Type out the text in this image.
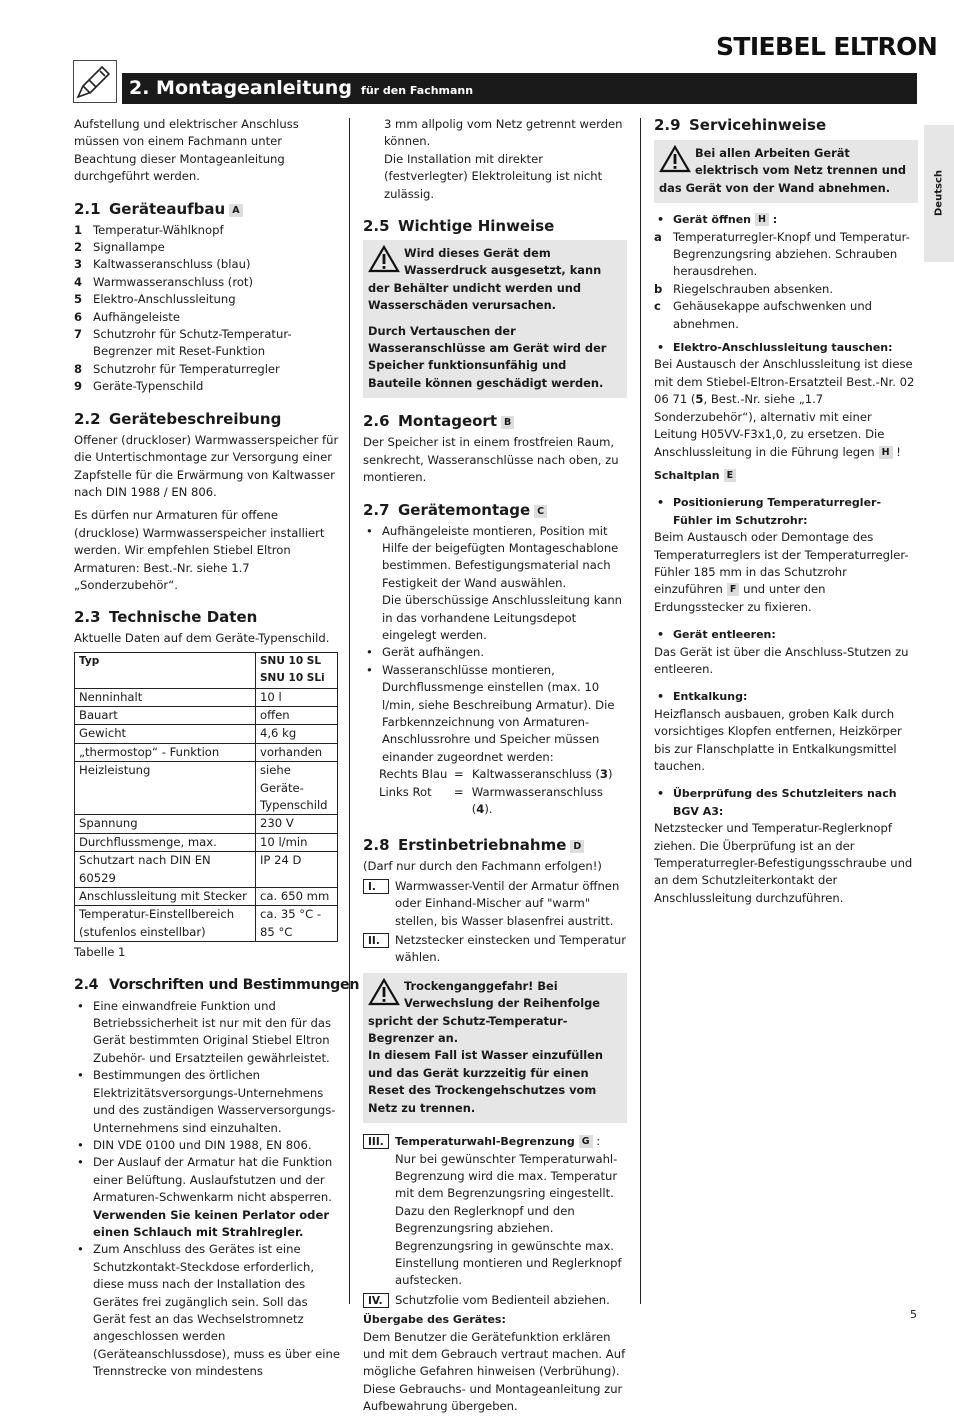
STIEBEL ELTRON
2. Montageanleitung für den Fachmann
Deutsch

Aufstellung und elektrischer Anschluss müssen von einem Fachmann unter Beachtung dieser Montageanleitung durchgeführt werden.

2.1 Geräteaufbau A
1 Temperatur-Wählknopf
2 Signallampe
3 Kaltwasseranschluss (blau)
4 Warmwasseranschluss (rot)
5 Elektro-Anschlussleitung
6 Aufhängeleiste
7 Schutzrohr für Schutz-Temperatur-Begrenzer mit Reset-Funktion
8 Schutzrohr für Temperaturregler
9 Geräte-Typenschild
2.2 Gerätebeschreibung

Offener (druckloser) Warmwasserspeicher für die Untertischmontage zur Versorgung einer Zapfstelle für die Erwärmung von Kaltwasser nach DIN 1988 / EN 806.

Es dürfen nur Armaturen für offene (drucklose) Warmwasserspeicher installiert werden. Wir empfehlen Stiebel Eltron Armaturen: Best.-Nr. siehe 1.7 „Sonderzubehör“.

2.3 Technische Daten

Aktuelle Daten auf dem Geräte-Typenschild.

Typ	SNU 10 SL
SNU 10 SLi

Nenninhalt	10 l
Bauart	offen
Gewicht	4,6 kg
„thermostop“ - Funktion	vorhanden
Heizleistung	siehe Geräte-Typenschild
Spannung	230 V
Durchflussmenge, max.	10 l/min
Schutzart nach DIN EN 60529	IP 24 D
Anschlussleitung mit Stecker	ca. 650 mm
Temperatur-Einstellbereich (stufenlos einstellbar)	ca. 35 °C - 85 °C

Tabelle 1

2.4 Vorschriften und Bestimmungen
• Eine einwandfreie Funktion und Betriebssicherheit ist nur mit den für das Gerät bestimmten Original Stiebel Eltron Zubehör- und Ersatzteilen gewährleistet.
• Bestimmungen des örtlichen Elektrizitätsversorgungs-Unternehmens und des zuständigen Wasserversorgungs-Unternehmens sind einzuhalten.
• DIN VDE 0100 und DIN 1988, EN 806.
• Der Auslauf der Armatur hat die Funktion einer Belüftung. Auslaufstutzen und der Armaturen-Schwenkarm nicht absperren. Verwenden Sie keinen Perlator oder einen Schlauch mit Strahlregler.
• Zum Anschluss des Gerätes ist eine Schutzkontakt-Steckdose erforderlich, diese muss nach der Installation des Gerätes frei zugänglich sein. Soll das Gerät fest an das Wechselstromnetz angeschlossen werden (Geräteanschlussdose), muss es über eine Trennstrecke von mindestens
3 mm allpolig vom Netz getrennt werden können.
Die Installation mit direkter (festverlegter) Elektroleitung ist nicht zulässig.
2.5 Wichtige Hinweise

Wird dieses Gerät dem Wasserdruck ausgesetzt, kann der Behälter undicht werden und Wasserschäden verursachen.

Durch Vertauschen der Wasseranschlüsse am Gerät wird der Speicher funktionsunfähig und Bauteile können geschädigt werden.

2.6 Montageort B

Der Speicher ist in einem frostfreien Raum, senkrecht, Wasseranschlüsse nach oben, zu montieren.

2.7 Gerätemontage C
• Aufhängeleiste montieren, Position mit Hilfe der beigefügten Montageschablone bestimmen. Befestigungsmaterial nach Festigkeit der Wand auswählen.
Die überschüssige Anschlussleitung kann in das vorhandene Leitungsdepot eingelegt werden.
• Gerät aufhängen.
• Wasseranschlüsse montieren, Durchflussmenge einstellen (max. 10 l/min, siehe Beschreibung Armatur). Die Farbkennzeichnung von Armaturen-Anschlussrohre und Speicher müssen einander zugeordnet werden:
Rechts Blau = Kaltwasseranschluss (3)
Links Rot	= Warmwasseranschluss (4).
2.8 Erstinbetriebnahme D
(Darf nur durch den Fachmann erfolgen!)
I.	Warmwasser-Ventil der Armatur öffnen oder Einhand-Mischer auf "warm" stellen, bis Wasser blasenfrei austritt.
II.	Netzstecker einstecken und Temperatur wählen.

Trockenganggefahr! Bei Verwechslung der Reihenfolge spricht der Schutz-Temperatur-Begrenzer an.

In diesem Fall ist Wasser einzufüllen und das Gerät kurzzeitig für einen Reset des Trockengehschutzes vom Netz zu trennen.

III.	Temperaturwahl-Begrenzung G :
Nur bei gewünschter Temperaturwahl-Begrenzung wird die max. Temperatur mit dem Begrenzungsring eingestellt. Dazu den Reglerknopf und den Begrenzungsring abziehen. Begrenzungsring in gewünschte max. Einstellung montieren und Reglerknopf aufstecken.
IV.	Schutzfolie vom Bedienteil abziehen.
Übergabe des Gerätes:

Dem Benutzer die Gerätefunktion erklären und mit dem Gebrauch vertraut machen. Auf mögliche Gefahren hinweisen (Verbrühung). Diese Gebrauchs- und Montageanleitung zur Aufbewahrung übergeben.

2.9 Servicehinweise

Bei allen Arbeiten Gerät elektrisch vom Netz trennen und das Gerät von der Wand abnehmen.

• Gerät öffnen H :
a Temperaturregler-Knopf und Temperatur-Begrenzungsring abziehen. Schrauben herausdrehen.
b Riegelschrauben absenken.
c	Gehäusekappe aufschwenken und abnehmen.
• Elektro-Anschlussleitung tauschen:

Bei Austausch der Anschlussleitung ist diese mit dem Stiebel-Eltron-Ersatzteil Best.-Nr. 02 06 71 (5, Best.-Nr. siehe „1.7 Sonderzubehör“), alternativ mit einer Leitung H05VV-F3x1,0, zu ersetzen. Die Anschlussleitung in die Führung legen H !

Schaltplan E

• Positionierung Temperaturregler-Fühler im Schutzrohr:

Beim Austausch oder Demontage des Temperaturreglers ist der Temperaturregler-Fühler 185 mm in das Schutzrohr einzuführen F und unter den Erdungsstecker zu fixieren.

• Gerät entleeren:

Das Gerät ist über die Anschluss-Stutzen zu entleeren.

• Entkalkung:

Heizflansch ausbauen, groben Kalk durch vorsichtiges Klopfen entfernen, Heizkörper bis zur Flanschplatte in Entkalkungsmittel tauchen.

• Überprüfung des Schutzleiters nach BGV A3:

Netzstecker und Temperatur-Reglerknopf ziehen. Die Überprüfung ist an der Temperaturregler-Befestigungsschraube und an dem Schutzleiterkontakt der Anschlussleitung durchzuführen.

5
